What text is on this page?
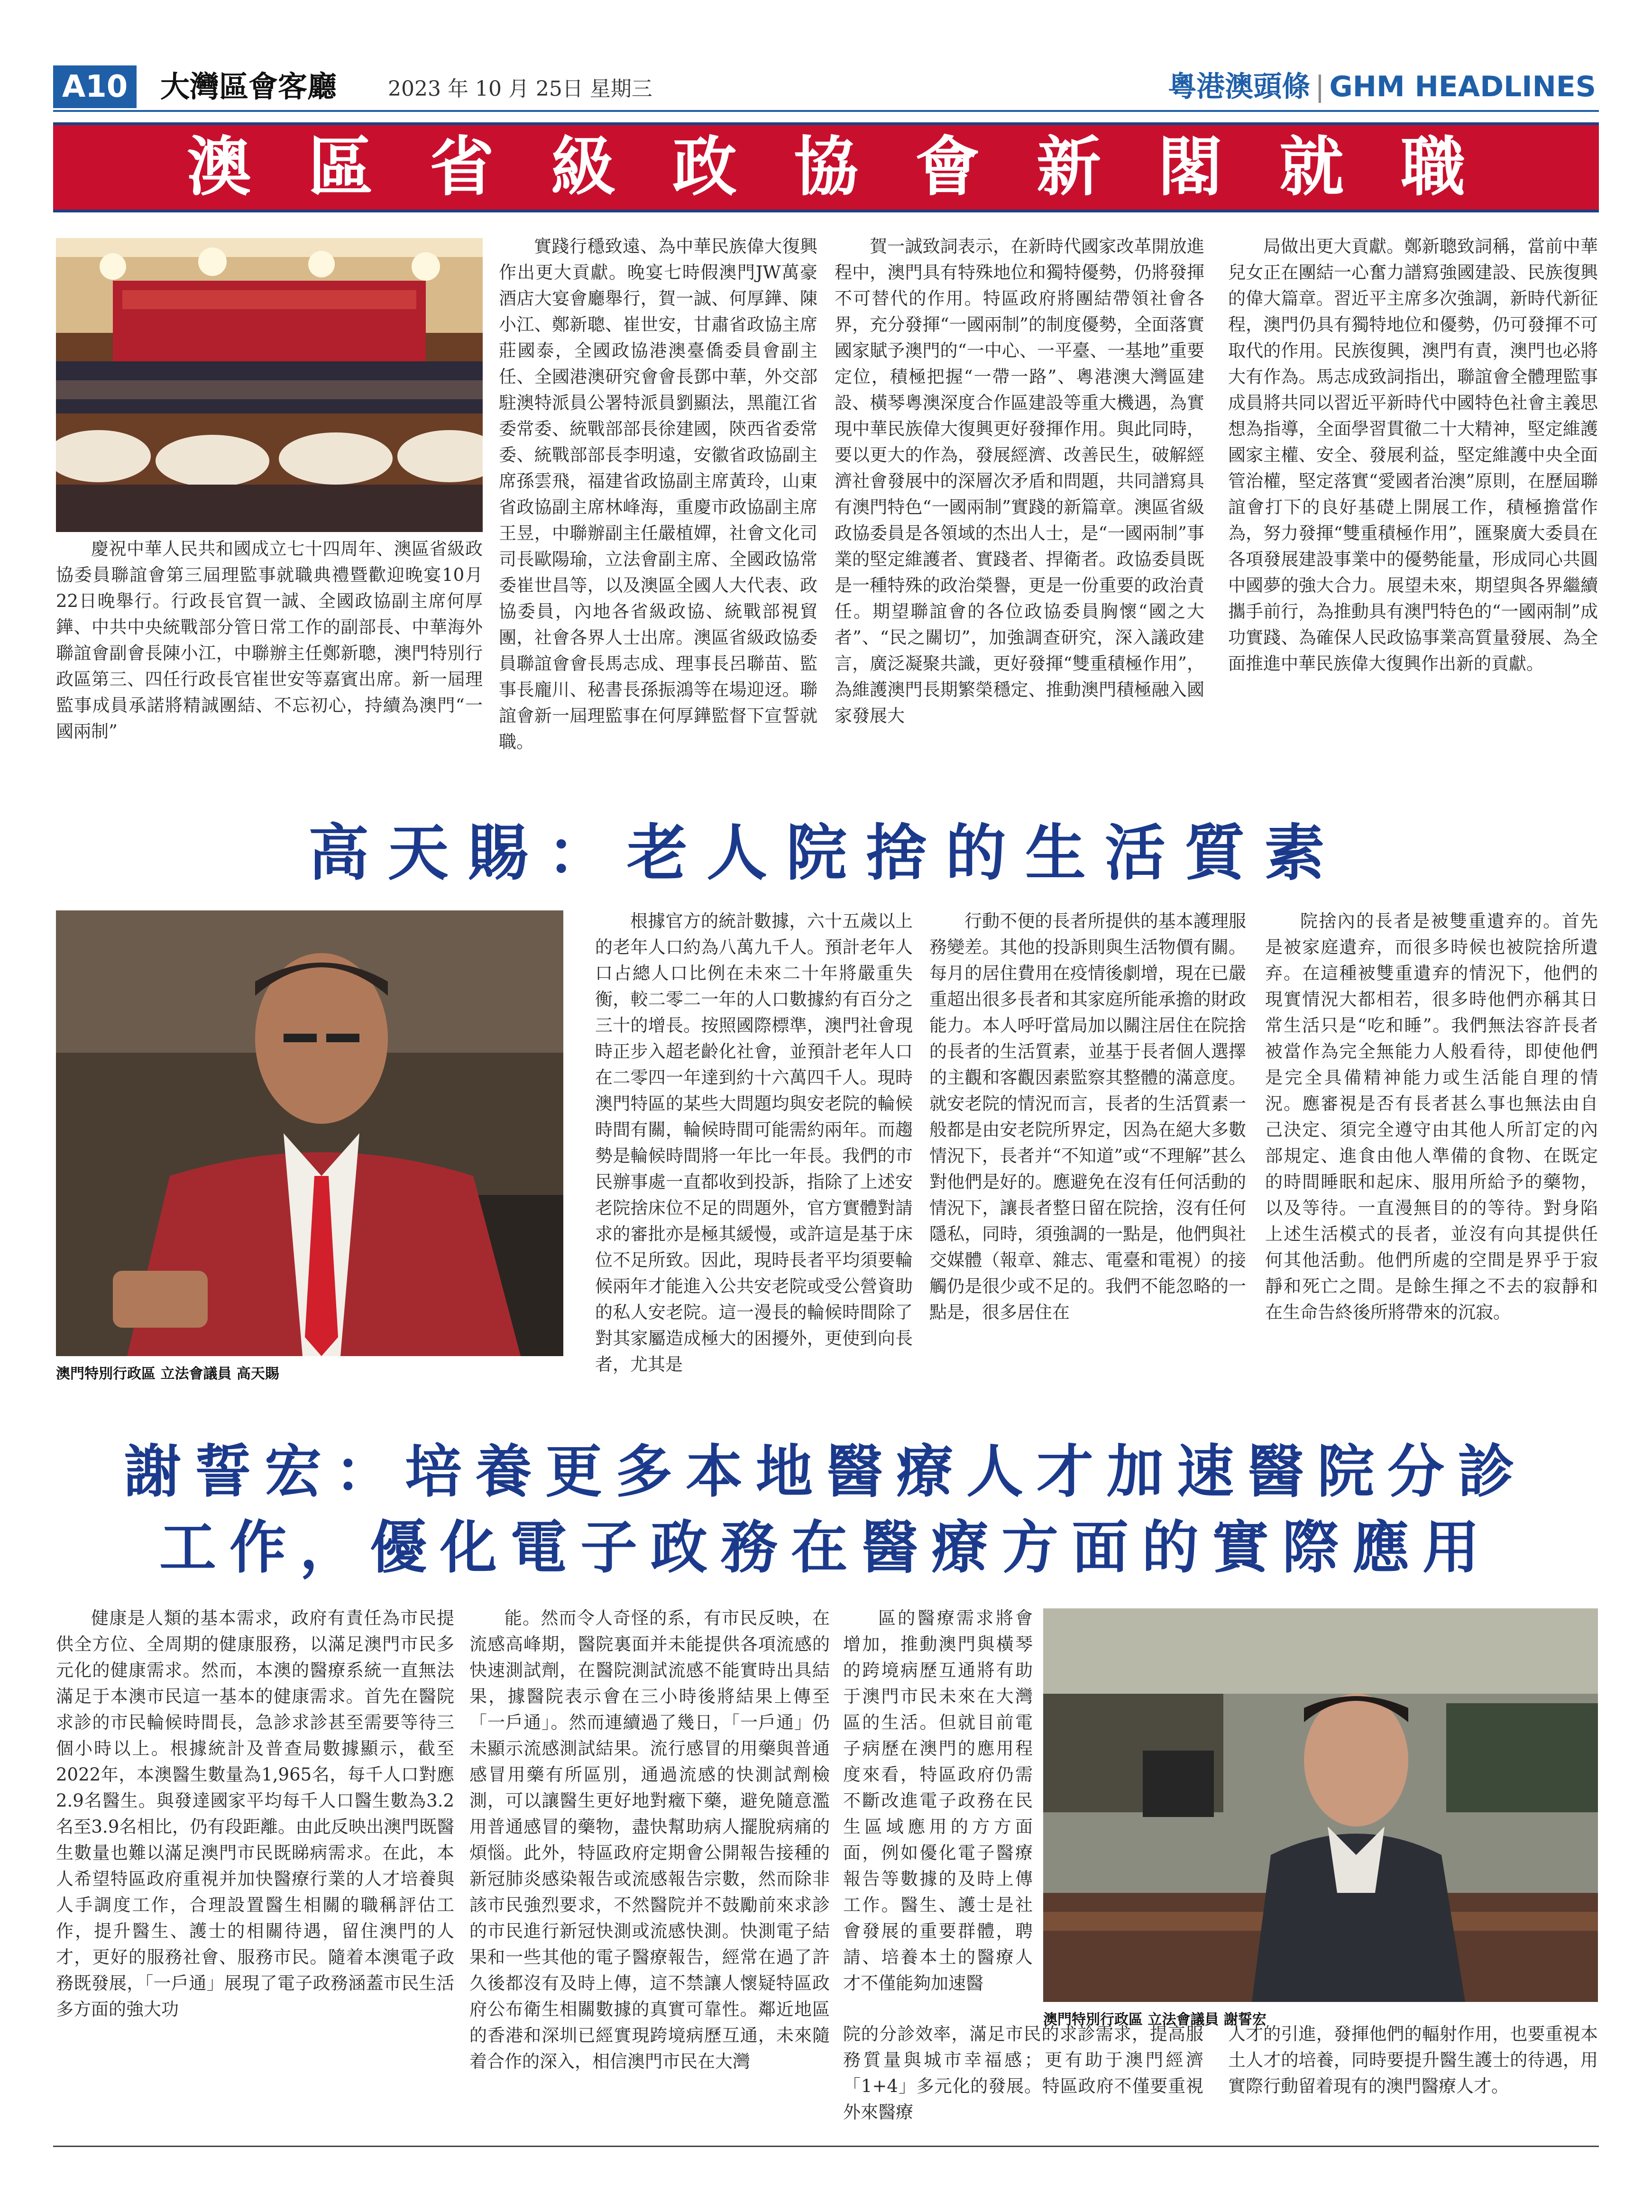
A10	大灣區會客廳 2023 年 10 月 25日 星期三	粵港澳頭條 | GHM HEADLINES
澳區省級政協會新閣就職

慶祝中華人民共和國成立七十四周年、澳區省級政協委員聯誼會第三屆理監事就職典禮暨歡迎晚宴10月22日晚舉行。行政長官賀一誠、全國政協副主席何厚鏵、中共中央統戰部分管日常工作的副部長、中華海外聯誼會副會長陳小江，中聯辦主任鄭新聰，澳門特別行政區第三、四任行政長官崔世安等嘉賓出席。新一屆理監事成員承諾將精誠團結、不忘初心，持續為澳門“一國兩制”

實踐行穩致遠、為中華民族偉大復興作出更大貢獻。晚宴七時假澳門JW萬豪酒店大宴會廳舉行，賀一誠、何厚鏵、陳小江、鄭新聰、崔世安，甘肅省政協主席莊國泰，全國政協港澳臺僑委員會副主任、全國港澳研究會會長鄧中華，外交部駐澳特派員公署特派員劉顯法，黑龍江省委常委、統戰部部長徐建國，陝西省委常委、統戰部部長李明遠，安徽省政協副主席孫雲飛，福建省政協副主席黃玲，山東省政協副主席林峰海，重慶市政協副主席王昱，中聯辦副主任嚴植嬋，社會文化司司長歐陽瑜，立法會副主席、全國政協常委崔世昌等，以及澳區全國人大代表、政協委員，內地各省級政協、統戰部視貿團，社會各界人士出席。澳區省級政協委員聯誼會會長馬志成、理事長呂聯苗、監事長龐川、秘書長孫振鴻等在場迎迓。聯誼會新一屆理監事在何厚鏵監督下宣誓就職。

賀一誠致詞表示，在新時代國家改革開放進程中，澳門具有特殊地位和獨特優勢，仍將發揮不可替代的作用。特區政府將團結帶領社會各界，充分發揮“一國兩制”的制度優勢，全面落實國家賦予澳門的“一中心、一平臺、一基地”重要定位，積極把握“一帶一路”、粵港澳大灣區建設、橫琴粵澳深度合作區建設等重大機遇，為實現中華民族偉大復興更好發揮作用。與此同時，要以更大的作為，發展經濟、改善民生，破解經濟社會發展中的深層次矛盾和問題，共同譜寫具有澳門特色“一國兩制”實踐的新篇章。澳區省級政協委員是各領域的杰出人士，是“一國兩制”事業的堅定維護者、實踐者、捍衛者。政協委員既是一種特殊的政治榮譽，更是一份重要的政治責任。期望聯誼會的各位政協委員胸懷“國之大者”、“民之關切”，加強調查研究，深入議政建言，廣泛凝聚共識，更好發揮“雙重積極作用”，為維護澳門長期繁榮穩定、推動澳門積極融入國家發展大

局做出更大貢獻。鄭新聰致詞稱，當前中華兒女正在團結一心奮力譜寫強國建設、民族復興的偉大篇章。習近平主席多次強調，新時代新征程，澳門仍具有獨特地位和優勢，仍可發揮不可取代的作用。民族復興，澳門有責，澳門也必將大有作為。馬志成致詞指出，聯誼會全體理監事成員將共同以習近平新時代中國特色社會主義思想為指導，全面學習貫徹二十大精神，堅定維護國家主權、安全、發展利益，堅定維護中央全面管治權，堅定落實“愛國者治澳”原則，在歷屆聯誼會打下的良好基礎上開展工作，積極擔當作為，努力發揮“雙重積極作用”，匯聚廣大委員在各項發展建設事業中的優勢能量，形成同心共圓中國夢的強大合力。展望未來，期望與各界繼續攜手前行，為推動具有澳門特色的“一國兩制”成功實踐、為確保人民政協事業高質量發展、為全面推進中華民族偉大復興作出新的貢獻。

高天賜：老人院捨的生活質素
澳門特別行政區 立法會議員 高天賜

根據官方的統計數據，六十五歲以上的老年人口約為八萬九千人。預計老年人口占總人口比例在未來二十年將嚴重失衡，較二零二一年的人口數據約有百分之三十的增長。按照國際標準，澳門社會現時正步入超老齡化社會，並預計老年人口在二零四一年達到約十六萬四千人。現時澳門特區的某些大問題均與安老院的輪候時間有關，輪候時間可能需約兩年。而趨勢是輪候時間將一年比一年長。我們的市民辦事處一直都收到投訴，指除了上述安老院捨床位不足的問題外，官方實體對請求的審批亦是極其緩慢，或許這是基于床位不足所致。因此，現時長者平均須要輪候兩年才能進入公共安老院或受公營資助的私人安老院。這一漫長的輪候時間除了對其家屬造成極大的困擾外，更使到向長者，尤其是

行動不便的長者所提供的基本護理服務變差。其他的投訴則與生活物價有關。每月的居住費用在疫情後劇增，現在已嚴重超出很多長者和其家庭所能承擔的財政能力。本人呼吁當局加以關注居住在院捨的長者的生活質素，並基于長者個人選擇的主觀和客觀因素監察其整體的滿意度。就安老院的情況而言，長者的生活質素一般都是由安老院所界定，因為在絕大多數情況下，長者并“不知道”或“不理解”甚么對他們是好的。應避免在沒有任何活動的情況下，讓長者整日留在院捨，沒有任何隱私，同時，須強調的一點是，他們與社交媒體（報章、雜志、電臺和電視）的接觸仍是很少或不足的。我們不能忽略的一點是，很多居住在

院捨內的長者是被雙重遺弃的。首先是被家庭遺弃，而很多時候也被院捨所遺弃。在這種被雙重遺弃的情況下，他們的現實情況大都相若，很多時他們亦稱其日常生活只是“吃和睡”。我們無法容許長者被當作為完全無能力人般看待，即使他們是完全具備精神能力或生活能自理的情況。應審視是否有長者甚么事也無法由自己決定、須完全遵守由其他人所訂定的內部規定、進食由他人準備的食物、在既定的時間睡眠和起床、服用所給予的藥物，以及等待。一直漫無目的的等待。對身陷上述生活模式的長者，並沒有向其提供任何其他活動。他們所處的空間是界乎于寂靜和死亡之間。是餘生揮之不去的寂靜和在生命告終後所將帶來的沉寂。

謝誓宏：培養更多本地醫療人才加速醫院分診
工作，優化電子政務在醫療方面的實際應用

健康是人類的基本需求，政府有責任為市民提供全方位、全周期的健康服務，以滿足澳門市民多元化的健康需求。然而，本澳的醫療系統一直無法滿足于本澳市民這一基本的健康需求。首先在醫院求診的市民輪候時間長，急診求診甚至需要等待三個小時以上。根據統計及普查局數據顯示，截至2022年，本澳醫生數量為1,965名，每千人口對應2.9名醫生。與發達國家平均每千人口醫生數為3.2名至3.9名相比，仍有段距離。由此反映出澳門既醫生數量也難以滿足澳門市民既睇病需求。在此，本人希望特區政府重視并加快醫療行業的人才培養與人手調度工作，合理設置醫生相關的職稱評估工作，提升醫生、護士的相關待遇，留住澳門的人才，更好的服務社會、服務市民。隨着本澳電子政務既發展，「一戶通」展現了電子政務涵蓋市民生活多方面的強大功

能。然而令人奇怪的系，有市民反映，在流感高峰期，醫院裏面并未能提供各項流感的快速測試劑，在醫院測試流感不能實時出具結果，據醫院表示會在三小時後將結果上傳至「一戶通」。然而連續過了幾日，「一戶通」仍未顯示流感測試結果。流行感冒的用藥與普通感冒用藥有所區別，通過流感的快測試劑檢測，可以讓醫生更好地對癥下藥，避免隨意濫用普通感冒的藥物，盡快幫助病人擺脫病痛的煩惱。此外，特區政府定期會公開報告接種的新冠肺炎感染報告或流感報告宗數，然而除非該市民強烈要求，不然醫院并不鼓勵前來求診的市民進行新冠快測或流感快測。快測電子結果和一些其他的電子醫療報告，經常在過了許久後都沒有及時上傳，這不禁讓人懷疑特區政府公布衛生相關數據的真實可靠性。鄰近地區的香港和深圳已經實現跨境病歷互通，未來隨着合作的深入，相信澳門市民在大灣

區的醫療需求將會增加，推動澳門與橫琴的跨境病歷互通將有助于澳門市民未來在大灣區的生活。但就目前電子病歷在澳門的應用程度來看，特區政府仍需不斷改進電子政務在民生區域應用的方方面面，例如優化電子醫療報告等數據的及時上傳工作。醫生、護士是社會發展的重要群體，聘請、培養本土的醫療人才不僅能夠加速醫

澳門特別行政區 立法會議員 謝誓宏

院的分診效率，滿足市民的求診需求，提高服務質量與城市幸福感；更有助于澳門經濟「1+4」多元化的發展。特區政府不僅要重視外來醫療

人才的引進，發揮他們的輻射作用，也要重視本土人才的培養，同時要提升醫生護士的待遇，用實際行動留着現有的澳門醫療人才。
